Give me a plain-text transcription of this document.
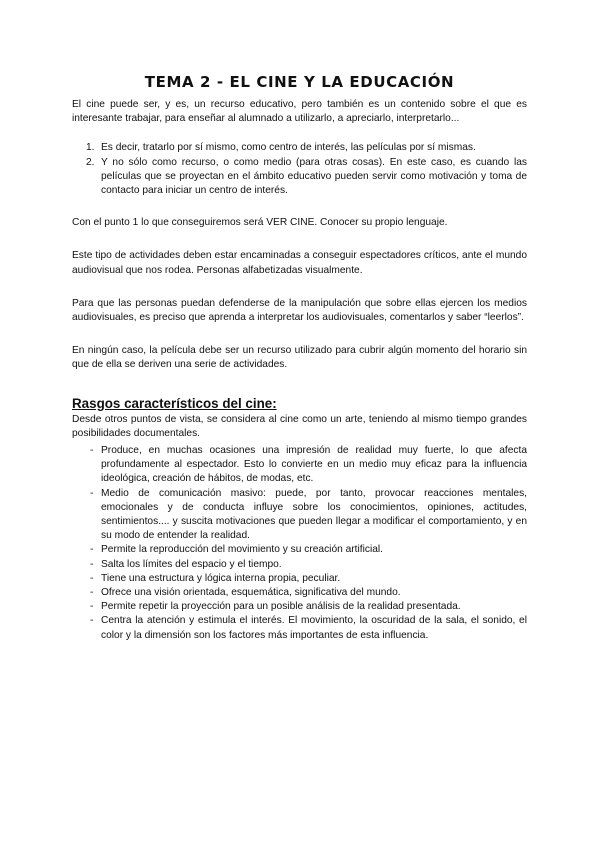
TEMA 2 - EL CINE Y LA EDUCACIÓN

El cine puede ser, y es, un recurso educativo, pero también es un contenido sobre el que es interesante trabajar, para enseñar al alumnado a utilizarlo, a apreciarlo, interpretarlo...

1. Es decir, tratarlo por sí mismo, como centro de interés, las películas por sí mismas.
2. Y no sólo como recurso, o como medio (para otras cosas). En este caso, es cuando las películas que se proyectan en el ámbito educativo pueden servir como motivación y toma de contacto para iniciar un centro de interés.

Con el punto 1 lo que conseguiremos será VER CINE. Conocer su propio lenguaje.

Este tipo de actividades deben estar encaminadas a conseguir espectadores críticos, ante el mundo audiovisual que nos rodea. Personas alfabetizadas visualmente.

Para que las personas puedan defenderse de la manipulación que sobre ellas ejercen los medios audiovisuales, es preciso que aprenda a interpretar los audiovisuales, comentarlos y saber “leerlos”.

En ningún caso, la película debe ser un recurso utilizado para cubrir algún momento del horario sin que de ella se deriven una serie de actividades.

Rasgos característicos del cine:

Desde otros puntos de vista, se considera al cine como un arte, teniendo al mismo tiempo grandes posibilidades documentales.

- Produce, en muchas ocasiones una impresión de realidad muy fuerte, lo que afecta profundamente al espectador. Esto lo convierte en un medio muy eficaz para la influencia ideológica, creación de hábitos, de modas, etc.
- Medio de comunicación masivo: puede, por tanto, provocar reacciones mentales, emocionales y de conducta influye sobre los conocimientos, opiniones, actitudes, sentimientos.... y suscita motivaciones que pueden llegar a modificar el comportamiento, y en su modo de entender la realidad.
- Permite la reproducción del movimiento y su creación artificial.
- Salta los límites del espacio y el tiempo.
- Tiene una estructura y lógica interna propia, peculiar.
- Ofrece una visión orientada, esquemática, significativa del mundo.
- Permite repetir la proyección para un posible análisis de la realidad presentada.
- Centra la atención y estimula el interés. El movimiento, la oscuridad de la sala, el sonido, el color y la dimensión son los factores más importantes de esta influencia.
